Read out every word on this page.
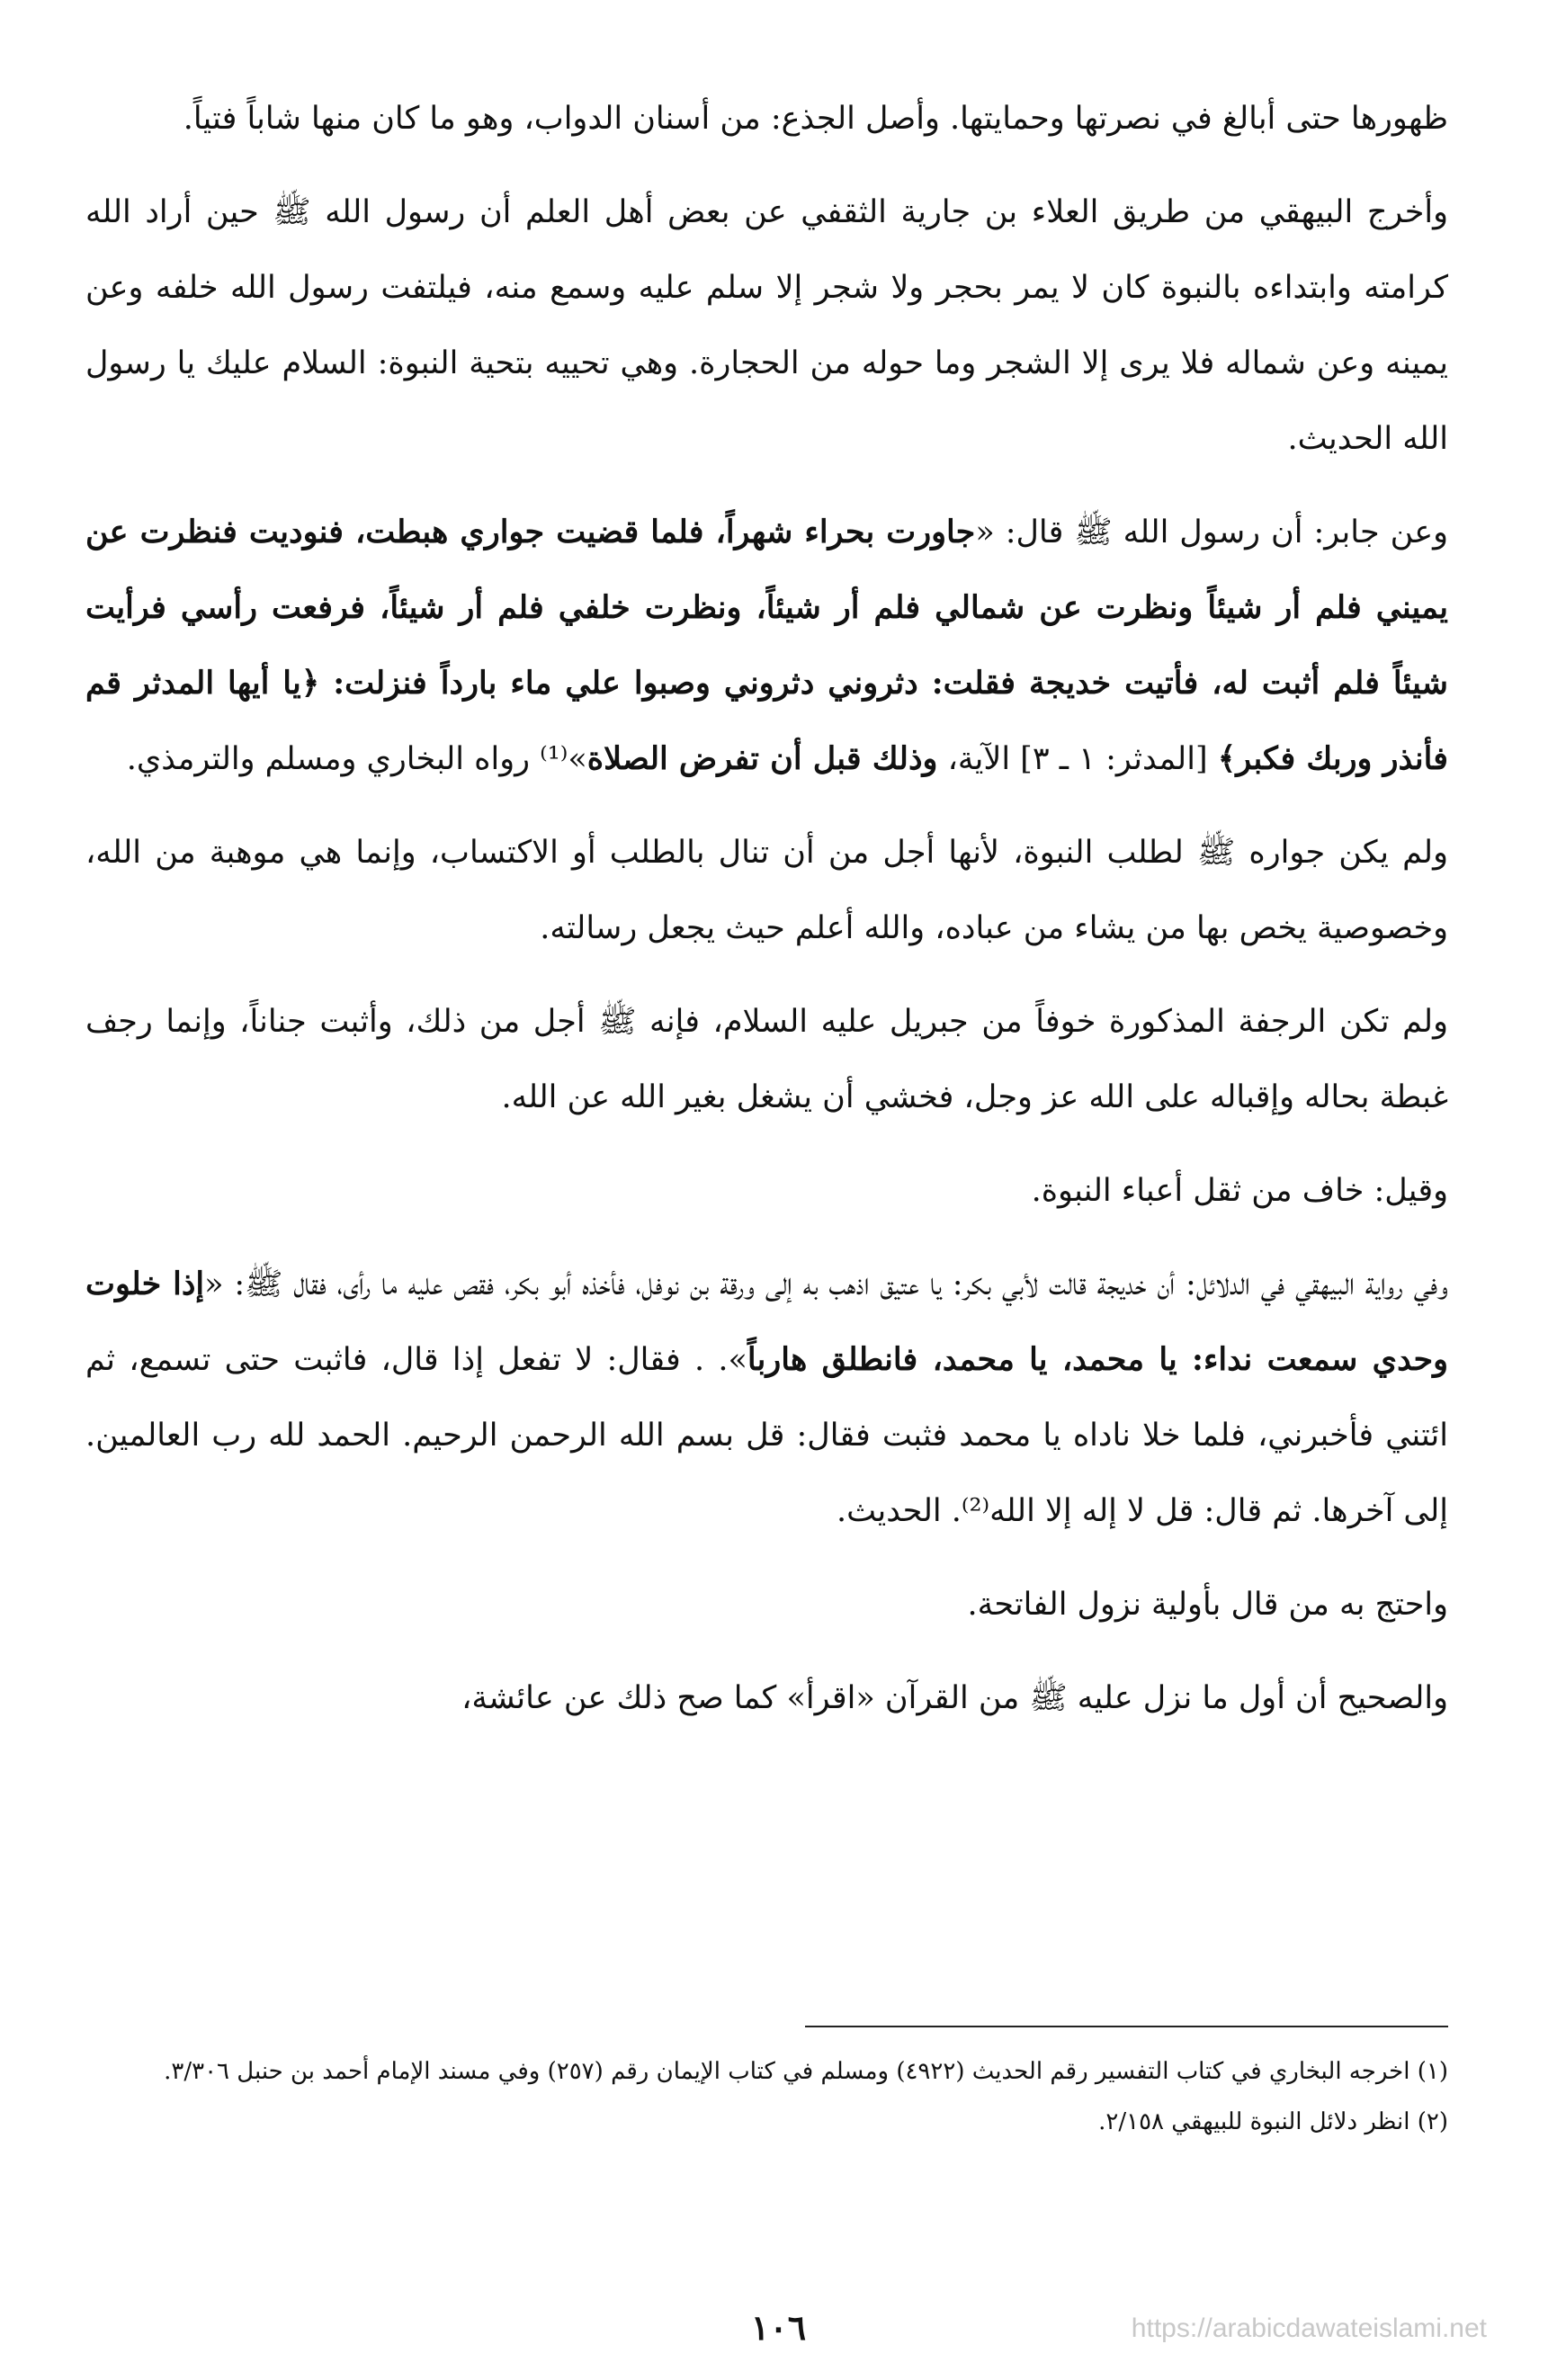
ظهورها حتى أبالغ في نصرتها وحمايتها. وأصل الجذع: من أسنان الدواب، وهو ما كان منها شاباً فتياً.

وأخرج البيهقي من طريق العلاء بن جارية الثقفي عن بعض أهل العلم أن رسول الله ﷺ حين أراد الله كرامته وابتداءه بالنبوة كان لا يمر بحجر ولا شجر إلا سلم عليه وسمع منه، فيلتفت رسول الله خلفه وعن يمينه وعن شماله فلا يرى إلا الشجر وما حوله من الحجارة. وهي تحييه بتحية النبوة: السلام عليك يا رسول الله الحديث.

وعن جابر: أن رسول الله ﷺ قال: «جاورت بحراء شهراً، فلما قضيت جواري هبطت، فنوديت فنظرت عن يميني فلم أر شيئاً ونظرت عن شمالي فلم أر شيئاً، ونظرت خلفي فلم أر شيئاً، فرفعت رأسي فرأيت شيئاً فلم أثبت له، فأتيت خديجة فقلت: دثروني دثروني وصبوا علي ماء بارداً فنزلت: ﴿يا أيها المدثر قم فأنذر وربك فكبر﴾ [المدثر: ١ ـ ٣] الآية، وذلك قبل أن تفرض الصلاة»⁽¹⁾ رواه البخاري ومسلم والترمذي.

ولم يكن جواره ﷺ لطلب النبوة، لأنها أجل من أن تنال بالطلب أو الاكتساب، وإنما هي موهبة من الله، وخصوصية يخص بها من يشاء من عباده، والله أعلم حيث يجعل رسالته.

ولم تكن الرجفة المذكورة خوفاً من جبريل عليه السلام، فإنه ﷺ أجل من ذلك، وأثبت جناناً، وإنما رجف غبطة بحاله وإقباله على الله عز وجل، فخشي أن يشغل بغير الله عن الله.

وقيل: خاف من ثقل أعباء النبوة.

وفي رواية البيهقي في الدلائل: أن خديجة قالت لأبي بكر: يا عتيق اذهب به إلى ورقة بن نوفل، فأخذه أبو بكر، فقص عليه ما رأى، فقال ﷺ: «إذا خلوت وحدي سمعت نداء: يا محمد، يا محمد، فانطلق هارباً». . فقال: لا تفعل إذا قال، فاثبت حتى تسمع، ثم ائتني فأخبرني، فلما خلا ناداه يا محمد فثبت فقال: قل بسم الله الرحمن الرحيم. الحمد لله رب العالمين. إلى آخرها. ثم قال: قل لا إله إلا الله⁽²⁾. الحديث.

واحتج به من قال بأولية نزول الفاتحة.

والصحيح أن أول ما نزل عليه ﷺ من القرآن «اقرأ» كما صح ذلك عن عائشة،

(١) اخرجه البخاري في كتاب التفسير رقم الحديث (٤٩٢٢) ومسلم في كتاب الإيمان رقم (٢٥٧) وفي مسند الإمام أحمد بن حنبل ٣/٣٠٦.

(٢) انظر دلائل النبوة للبيهقي ٢/١٥٨.

١٠٦	https://arabicdawateislami.net
